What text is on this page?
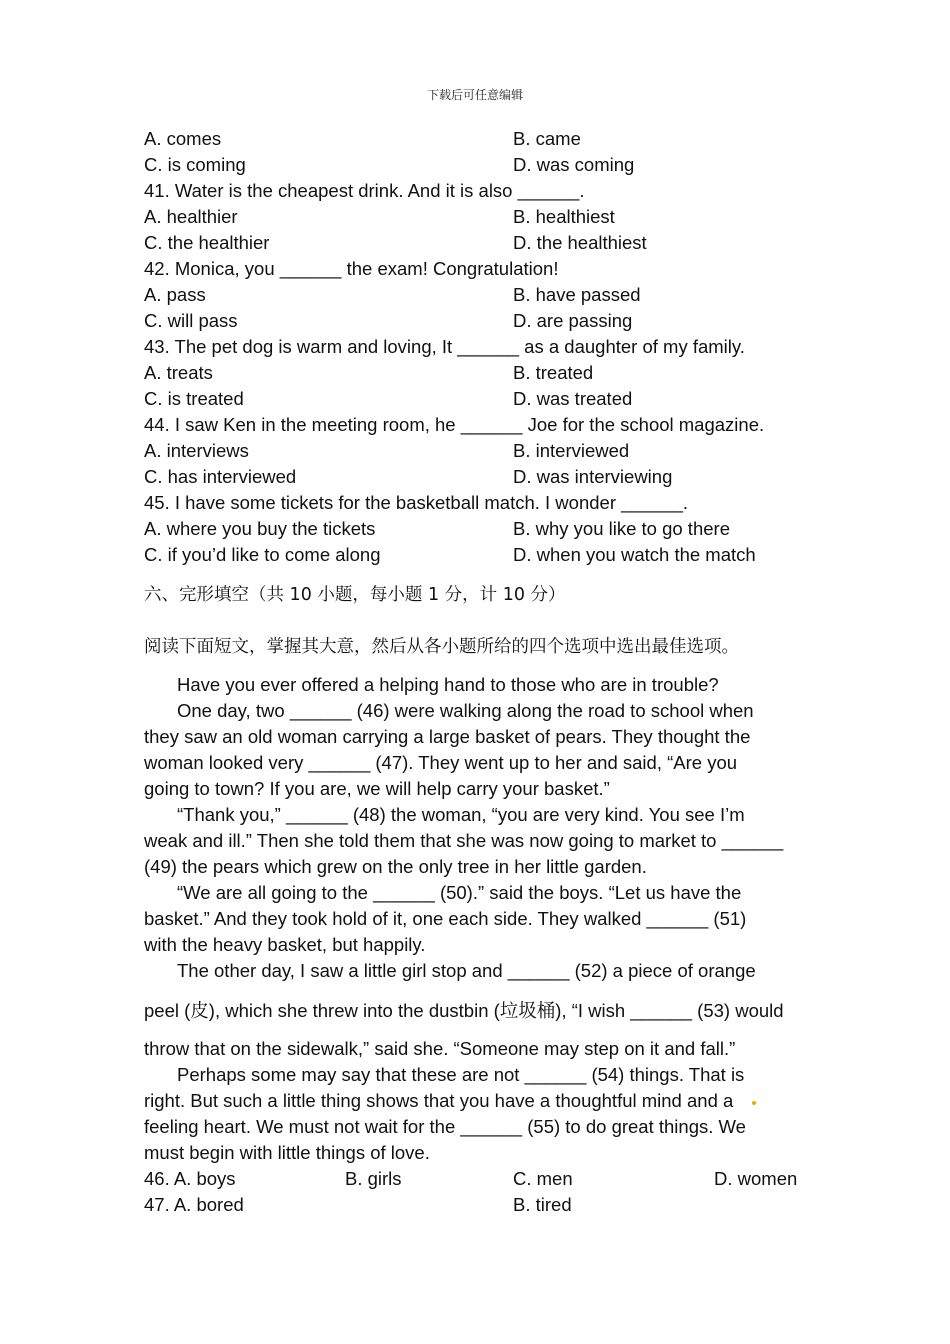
下载后可任意编辑
A. comes	B. came
C. is coming	D. was coming
41. Water is the cheapest drink. And it is also ______.
A. healthier	B. healthiest
C. the healthier	D. the healthiest
42. Monica, you ______ the exam! Congratulation!
A. pass	B. have passed
C. will pass	D. are passing
43. The pet dog is warm and loving, It ______ as a daughter of my family.
A. treats	B. treated
C. is treated	D. was treated
44. I saw Ken in the meeting room, he ______ Joe for the school magazine.
A. interviews	B. interviewed
C. has interviewed	D. was interviewing
45. I have some tickets for the basketball match. I wonder ______.
A. where you buy the tickets	B. why you like to go there
C. if you’d like to come along	D. when you watch the match
六、完形填空（共 10 小题，每小题 1 分，计 10 分）
阅读下面短文，掌握其大意，然后从各小题所给的四个选项中选出最佳选项。
Have you ever offered a helping hand to those who are in trouble?
One day, two ______ (46) were walking along the road to school when
they saw an old woman carrying a large basket of pears. They thought the
woman looked very ______ (47). They went up to her and said, “Are you
going to town? If you are, we will help carry your basket.”
“Thank you,” ______ (48) the woman, “you are very kind. You see I’m
weak and ill.” Then she told them that she was now going to market to ______
(49) the pears which grew on the only tree in her little garden.
“We are all going to the ______ (50).” said the boys. “Let us have the
basket.” And they took hold of it, one each side. They walked ______ (51)
with the heavy basket, but happily.
The other day, I saw a little girl stop and ______ (52) a piece of orange
peel (皮), which she threw into the dustbin (垃圾桶), “I wish ______ (53) would
throw that on the sidewalk,” said she. “Someone may step on it and fall.”
Perhaps some may say that these are not ______ (54) things. That is
right. But such a little thing shows that you have a thoughtful mind and a
feeling heart. We must not wait for the ______ (55) to do great things. We
must begin with little things of love.
46. A. boys	B. girls	C. men	D. women
47. A. bored	B. tired
